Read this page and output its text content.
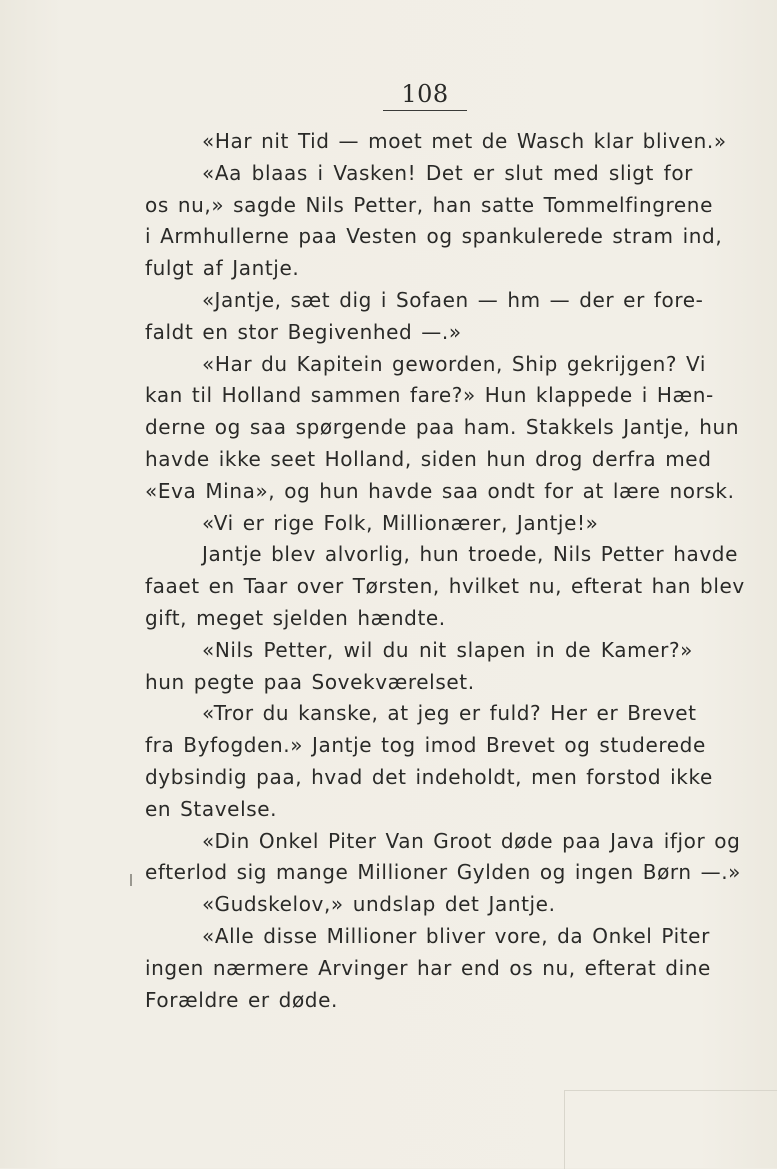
108
«Har nit Tid — moet met de Wasch klar bliven.»
«Aa blaas i Vasken! Det er slut med sligt for
os nu,» sagde Nils Petter, han satte Tommelfingrene
i Armhullerne paa Vesten og spankulerede stram ind,
fulgt af Jantje.
«Jantje, sæt dig i Sofaen — hm — der er fore-
faldt en stor Begivenhed —.»
«Har du Kapitein geworden, Ship gekrijgen? Vi
kan til Holland sammen fare?» Hun klappede i Hæn-
derne og saa spørgende paa ham. Stakkels Jantje, hun
havde ikke seet Holland, siden hun drog derfra med
«Eva Mina», og hun havde saa ondt for at lære norsk.
«Vi er rige Folk, Millionærer, Jantje!»
Jantje blev alvorlig, hun troede, Nils Petter havde
faaet en Taar over Tørsten, hvilket nu, efterat han blev
gift, meget sjelden hændte.
«Nils Petter, wil du nit slapen in de Kamer?»
hun pegte paa Sovekværelset.
«Tror du kanske, at jeg er fuld? Her er Brevet
fra Byfogden.» Jantje tog imod Brevet og studerede
dybsindig paa, hvad det indeholdt, men forstod ikke
en Stavelse.
«Din Onkel Piter Van Groot døde paa Java ifjor og
efterlod sig mange Millioner Gylden og ingen Børn —.»
«Gudskelov,» undslap det Jantje.
«Alle disse Millioner bliver vore, da Onkel Piter
ingen nærmere Arvinger har end os nu, efterat dine
Forældre er døde.
